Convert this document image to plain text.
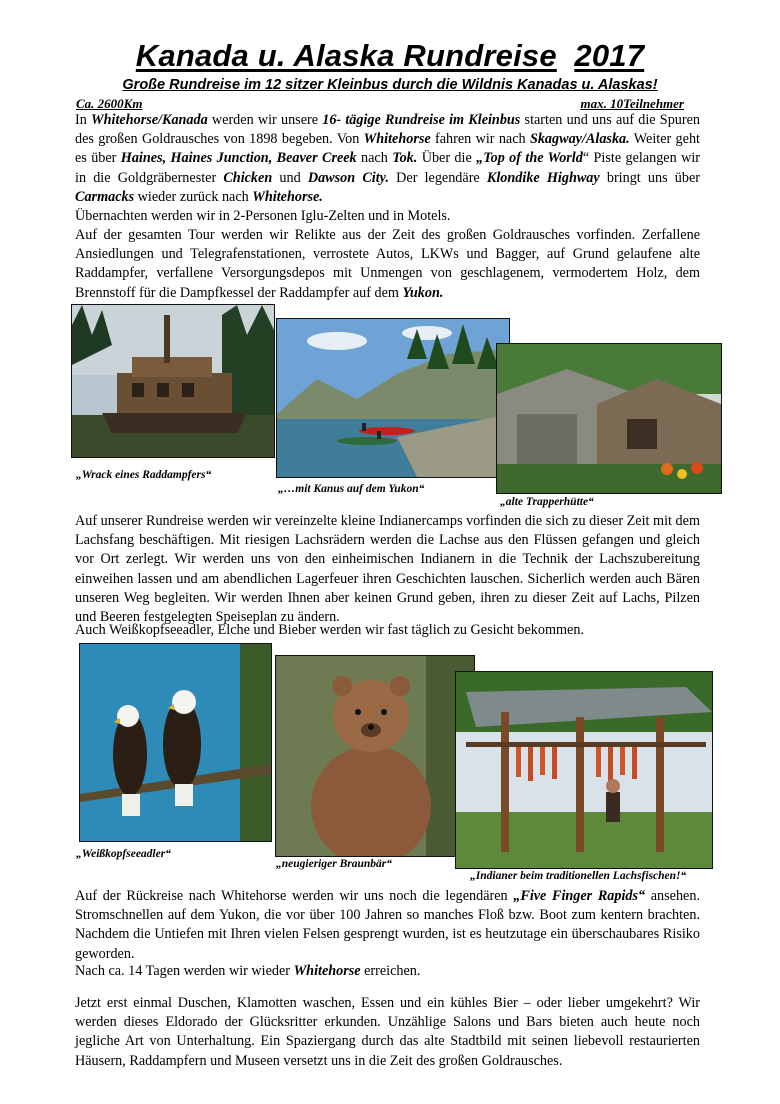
Kanada u. Alaska Rundreise 2017
Große Rundreise im 12 sitzer Kleinbus durch die Wildnis Kanadas u. Alaskas!
Ca. 2600Km	max. 10Teilnehmer
In Whitehorse/Kanada werden wir unsere 16- tägige Rundreise im Kleinbus starten und uns auf die Spuren des großen Goldrausches von 1898 begeben. Von Whitehorse fahren wir nach Skagway/Alaska. Weiter geht es über Haines, Haines Junction, Beaver Creek nach Tok. Über die „Top of the World“ Piste gelangen wir in die Goldgräbernester Chicken und Dawson City. Der legendäre Klondike Highway bringt uns über Carmacks wieder zurück nach Whitehorse.
Übernachten werden wir in 2-Personen Iglu-Zelten und in Motels.
Auf der gesamten Tour werden wir Relikte aus der Zeit des großen Goldrausches vorfinden. Zerfallene Ansiedlungen und Telegrafenstationen, verrostete Autos, LKWs und Bagger, auf Grund gelaufene alte Raddampfer, verfallene Versorgungsdepos mit Unmengen von geschlagenem, vermodertem Holz, dem Brennstoff für die Dampfkessel der Raddampfer auf dem Yukon.
„Wrack eines Raddampfers“
„…mit Kanus auf dem Yukon“
„alte Trapperhütte“
Auf unserer Rundreise werden wir vereinzelte kleine Indianercamps vorfinden die sich zu dieser Zeit mit dem Lachsfang beschäftigen. Mit riesigen Lachsrädern werden die Lachse aus den Flüssen gefangen und gleich vor Ort zerlegt. Wir werden uns von den einheimischen Indianern in die Technik der Lachszubereitung einweihen lassen und am abendlichen Lagerfeuer ihren Geschichten lauschen. Sicherlich werden auch Bären unseren Weg begleiten. Wir werden Ihnen aber keinen Grund geben, ihren zu dieser Zeit auf Lachs, Pilzen und Beeren festgelegten Speiseplan zu ändern.
Auch Weißkopfseeadler, Elche und Bieber werden wir fast täglich zu Gesicht bekommen.
„Weißkopfseeadler“
„neugieriger Braunbär“
„Indianer beim traditionellen Lachsfischen!“
Auf der Rückreise nach Whitehorse werden wir uns noch die legendären „Five Finger Rapids“ ansehen. Stromschnellen auf dem Yukon, die vor über 100 Jahren so manches Floß bzw. Boot zum kentern brachten. Nachdem die Untiefen mit Ihren vielen Felsen gesprengt wurden, ist es heutzutage ein überschaubares Risiko geworden.
Nach ca. 14 Tagen werden wir wieder Whitehorse erreichen.
Jetzt erst einmal Duschen, Klamotten waschen, Essen und ein kühles Bier – oder lieber umgekehrt? Wir werden dieses Eldorado der Glücksritter erkunden. Unzählige Salons und Bars bieten auch heute noch jegliche Art von Unterhaltung. Ein Spaziergang durch das alte Stadtbild mit seinen liebevoll restaurierten Häusern, Raddampfern und Museen versetzt uns in die Zeit des großen Goldrausches.
